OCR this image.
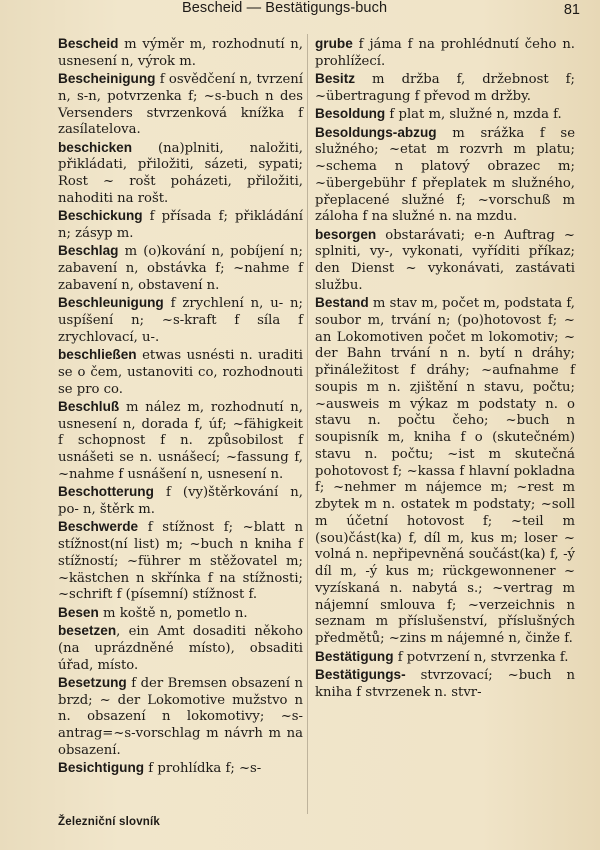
Bescheid — Bestätigungs-buch	81
Bescheid m výměr m, rozhodnutí n, usnesení n, výrok m.
Bescheinigung f osvědčení n, tvrzení n, s-n, potvrzenka f; ~s-buch n des Versenders stvrzenková knížka f zasílatelova.
beschicken (na)plniti, naložiti, přikládati, přiložiti, sázeti, sypati; Rost ~ rošt poházeti, přiložiti, nahoditi na rošt.
Beschickung f přísada f; přikládání n; zásyp m.
Beschlag m (o)kování n, pobíjení n; zabavení n, obstávka f; ~nahme f zabavení n, obstavení n.
Beschleunigung f zrychlení n, u- n; uspíšení n; ~s-kraft f síla f zrychlovací, u-.
beschließen etwas usnésti n. uraditi se o čem, ustanoviti co, rozhodnouti se pro co.
Beschluß m nález m, rozhodnutí n, usnesení n, dorada f, úf; ~fähigkeit f schopnost f n. způsobilost f usnášeti se n. usnášecí; ~fassung f, ~nahme f usnášení n, usnesení n.
Beschotterung f (vy)štěrkování n, po- n, štěrk m.
Beschwerde f stížnost f; ~blatt n stížnost(ní list) m; ~buch n kniha f stížností; ~führer m stěžovatel m; ~kästchen n skřínka f na stížnosti; ~schrift f (písemní) stížnost f.
Besen m koště n, pometlo n.
besetzen, ein Amt dosaditi někoho (na uprázdněné místo), obsaditi úřad, místo.
Besetzung f der Bremsen obsazení n brzd; ~ der Lokomotive mužstvo n n. obsazení n lokomotivy; ~s-antrag=~s-vorschlag m návrh m na obsazení.
Besichtigung f prohlídka f; ~s-
grube f jáma f na prohlédnutí čeho n. prohlížecí.
Besitz m držba f, držebnost f; ~übertragung f převod m držby.
Besoldung f plat m, služné n, mzda f.
Besoldungs-abzug m srážka f se služného; ~etat m rozvrh m platu; ~schema n platový obrazec m; ~übergebühr f přeplatek m služného, přeplacené služné f; ~vorschuß m záloha f na služné n. na mzdu.
besorgen obstarávati; e-n Auftrag ~ splniti, vy-, vykonati, vyříditi příkaz; den Dienst ~ vykonávati, zastávati službu.
Bestand m stav m, počet m, podstata f, soubor m, trvání n; (po)hotovost f; ~ an Lokomotiven počet m lokomotiv; ~ der Bahn trvání n n. bytí n dráhy; přináležitost f dráhy; ~aufnahme f soupis m n. zjištění n stavu, počtu; ~ausweis m výkaz m podstaty n. o stavu n. počtu čeho; ~buch n soupisník m, kniha f o (skutečném) stavu n. počtu; ~ist m skutečná pohotovost f; ~kassa f hlavní pokladna f; ~nehmer m nájemce m; ~rest m zbytek m n. ostatek m podstaty; ~soll m účetní hotovost f; ~teil m (sou)část(ka) f, díl m, kus m; loser ~ volná n. nepřipevněná součást(ka) f, -ý díl m, -ý kus m; rückgewonnener ~ vyzískaná n. nabytá s.; ~vertrag m nájemní smlouva f; ~verzeichnis n seznam m příslušenství, příslušných předmětů; ~zins m nájemné n, činže f.
Bestätigung f potvrzení n, stvrzenka f.
Bestätigungs- stvrzovací; ~buch n kniha f stvrzenek n. stvr-
Železniční slovník
